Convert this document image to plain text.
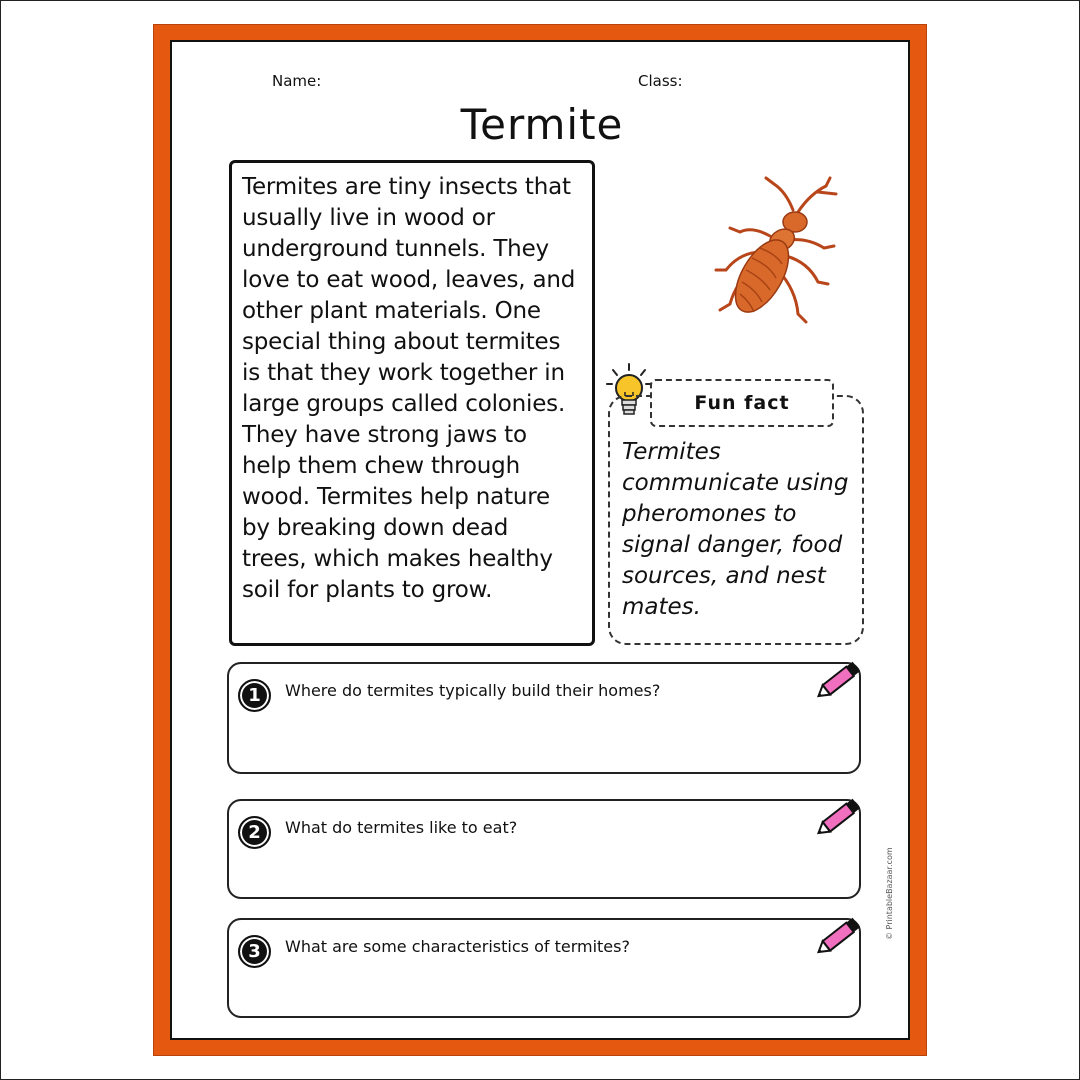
Name:	Class:
Termite
Termites are tiny insects that
usually live in wood or
underground tunnels. They
love to eat wood, leaves, and
other plant materials. One
special thing about termites
is that they work together in
large groups called colonies.
They have strong jaws to
help them chew through
wood. Termites help nature
by breaking down dead
trees, which makes healthy
soil for plants to grow.
Fun fact
Termites
communicate using
pheromones to
signal danger, food
sources, and nest
mates.
1	Where do termites typically build their homes?
2	What do termites like to eat?
3	What are some characteristics of termites?
© PrintableBazaar.com
